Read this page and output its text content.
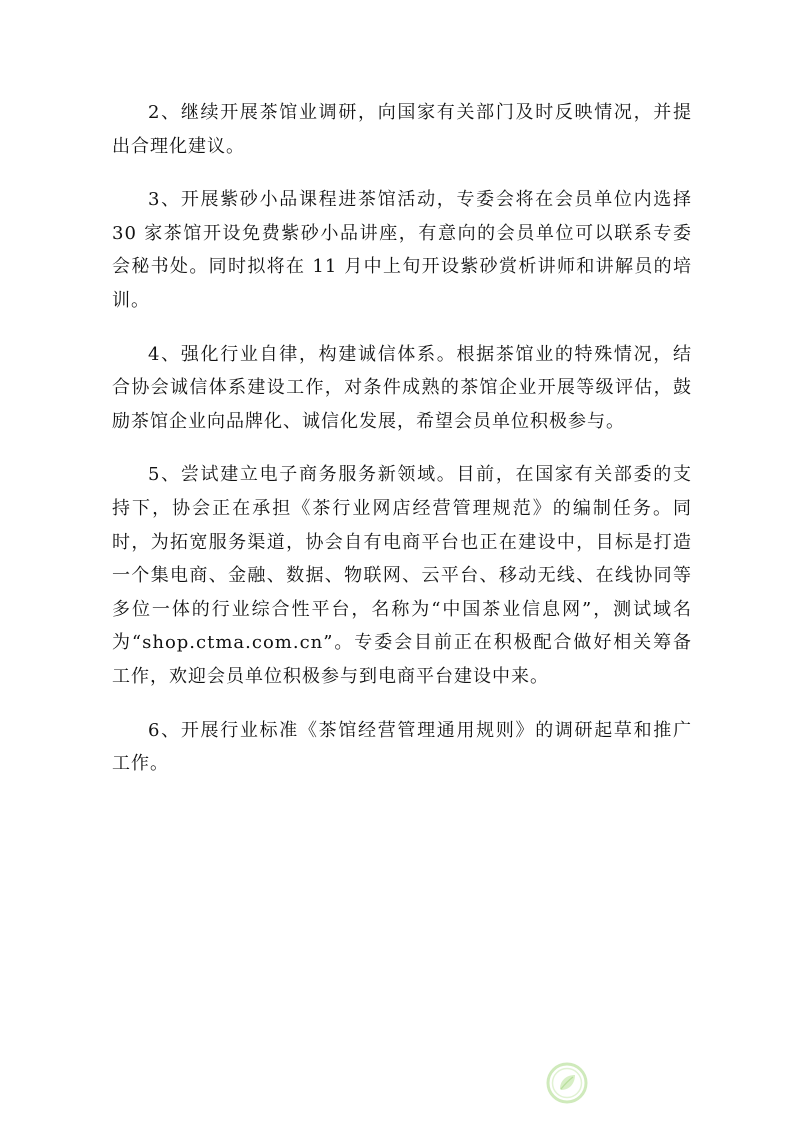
2、继续开展茶馆业调研，向国家有关部门及时反映情况，并提出合理化建议。

3、开展紫砂小品课程进茶馆活动，专委会将在会员单位内选择 30 家茶馆开设免费紫砂小品讲座，有意向的会员单位可以联系专委会秘书处。同时拟将在 11 月中上旬开设紫砂赏析讲师和讲解员的培训。

4、强化行业自律，构建诚信体系。根据茶馆业的特殊情况，结合协会诚信体系建设工作，对条件成熟的茶馆企业开展等级评估，鼓励茶馆企业向品牌化、诚信化发展，希望会员单位积极参与。

5、尝试建立电子商务服务新领域。目前，在国家有关部委的支持下，协会正在承担《茶行业网店经营管理规范》的编制任务。同时，为拓宽服务渠道，协会自有电商平台也正在建设中，目标是打造一个集电商、金融、数据、物联网、云平台、移动无线、在线协同等多位一体的行业综合性平台，名称为“中国茶业信息网”，测试域名为“shop.ctma.com.cn”。专委会目前正在积极配合做好相关筹备工作，欢迎会员单位积极参与到电商平台建设中来。

6、开展行业标准《茶馆经营管理通用规则》的调研起草和推广工作。
